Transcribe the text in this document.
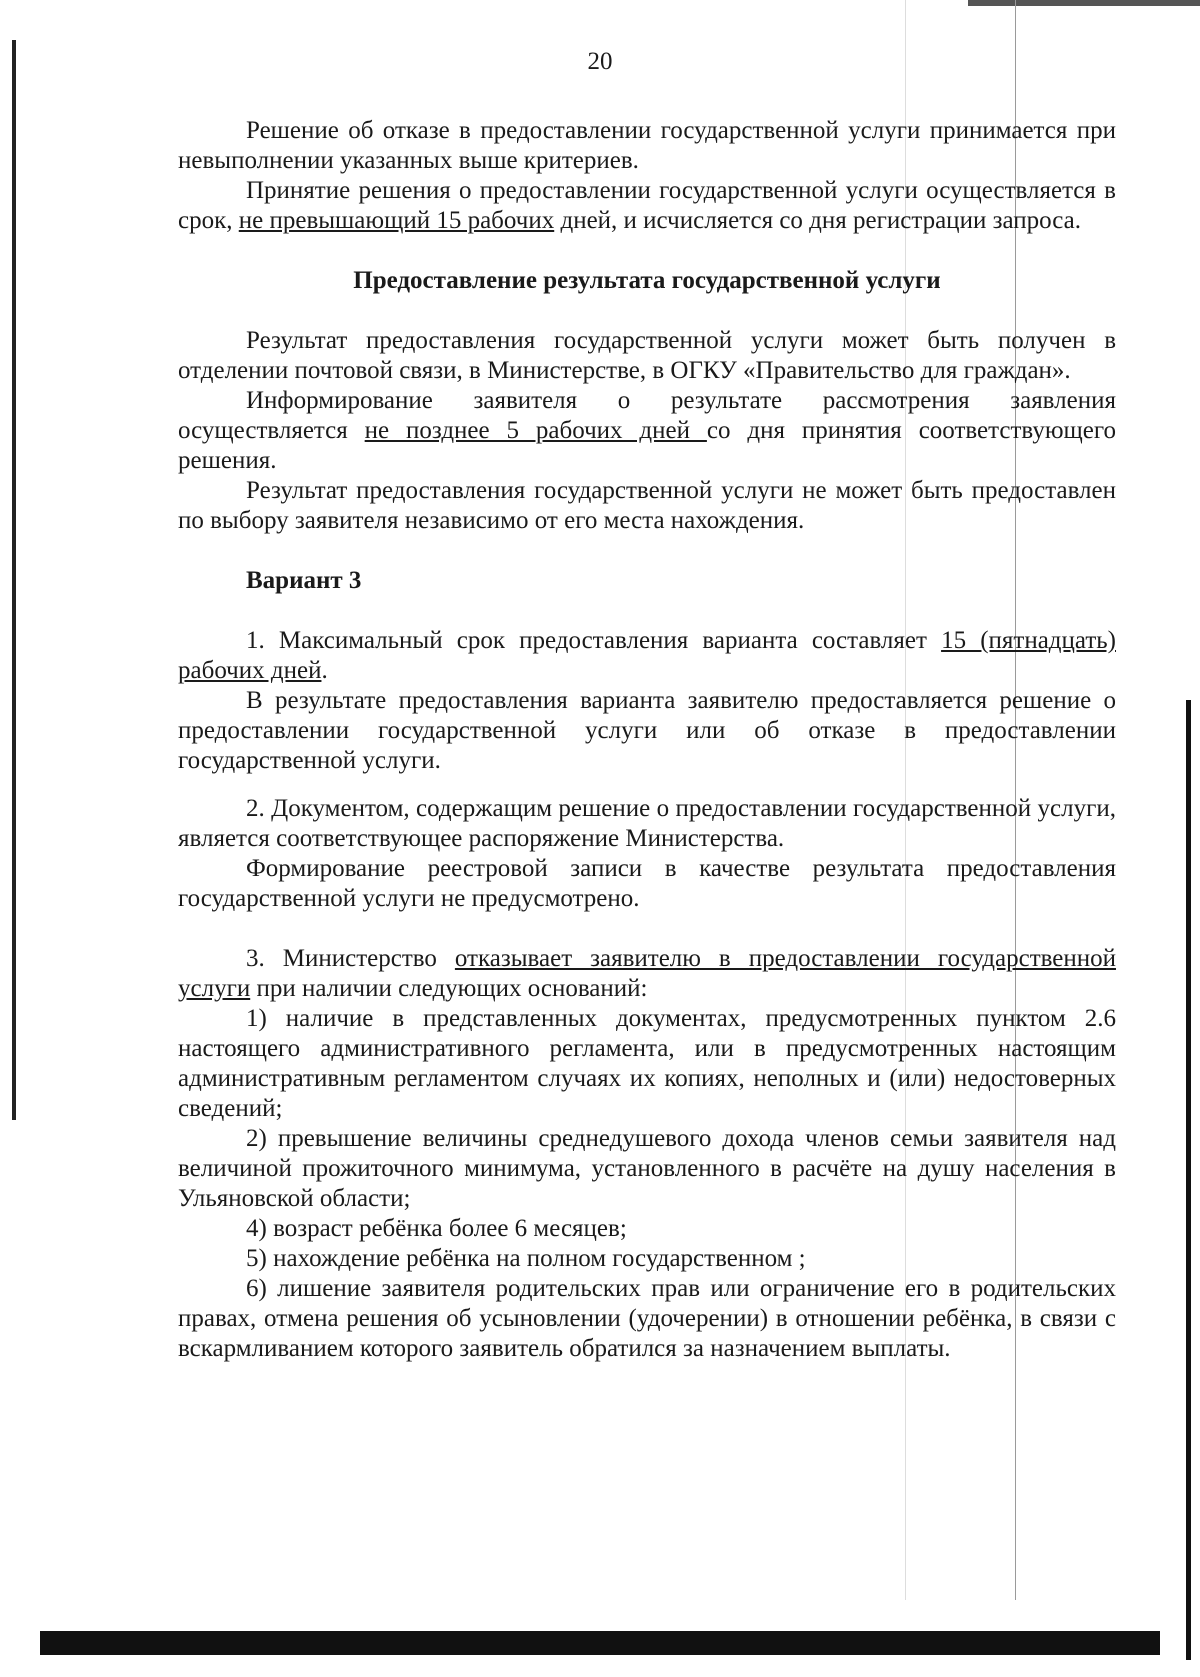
20

Решение об отказе в предоставлении государственной услуги принимается при невыполнении указанных выше критериев.

Принятие решения о предоставлении государственной услуги осуществляется в срок, не превышающий 15 рабочих дней, и исчисляется со дня регистрации запроса.

Предоставление результата государственной услуги

Результат предоставления государственной услуги может быть получен в отделении почтовой связи, в Министерстве, в ОГКУ «Правительство для граждан».

Информирование заявителя о результате рассмотрения заявления осуществляется не позднее 5 рабочих дней со дня принятия соответствующего решения.

Результат предоставления государственной услуги не может быть предоставлен по выбору заявителя независимо от его места нахождения.

Вариант 3

1. Максимальный срок предоставления варианта составляет 15 (пятнадцать) рабочих дней.

В результате предоставления варианта заявителю предоставляется решение о предоставлении государственной услуги или об отказе в предоставлении государственной услуги.

2. Документом, содержащим решение о предоставлении государственной услуги, является соответствующее распоряжение Министерства.

Формирование реестровой записи в качестве результата предоставления государственной услуги не предусмотрено.

3. Министерство отказывает заявителю в предоставлении государственной услуги при наличии следующих оснований:

1) наличие в представленных документах, предусмотренных пунктом 2.6 настоящего административного регламента, или в предусмотренных настоящим административным регламентом случаях их копиях, неполных и (или) недостоверных сведений;

2) превышение величины среднедушевого дохода членов семьи заявителя над величиной прожиточного минимума, установленного в расчёте на душу населения в Ульяновской области;

4) возраст ребёнка более 6 месяцев;

5) нахождение ребёнка на полном государственном ;

6) лишение заявителя родительских прав или ограничение его в родительских правах, отмена решения об усыновлении (удочерении) в отношении ребёнка, в связи с вскармливанием которого заявитель обратился за назначением выплаты.
